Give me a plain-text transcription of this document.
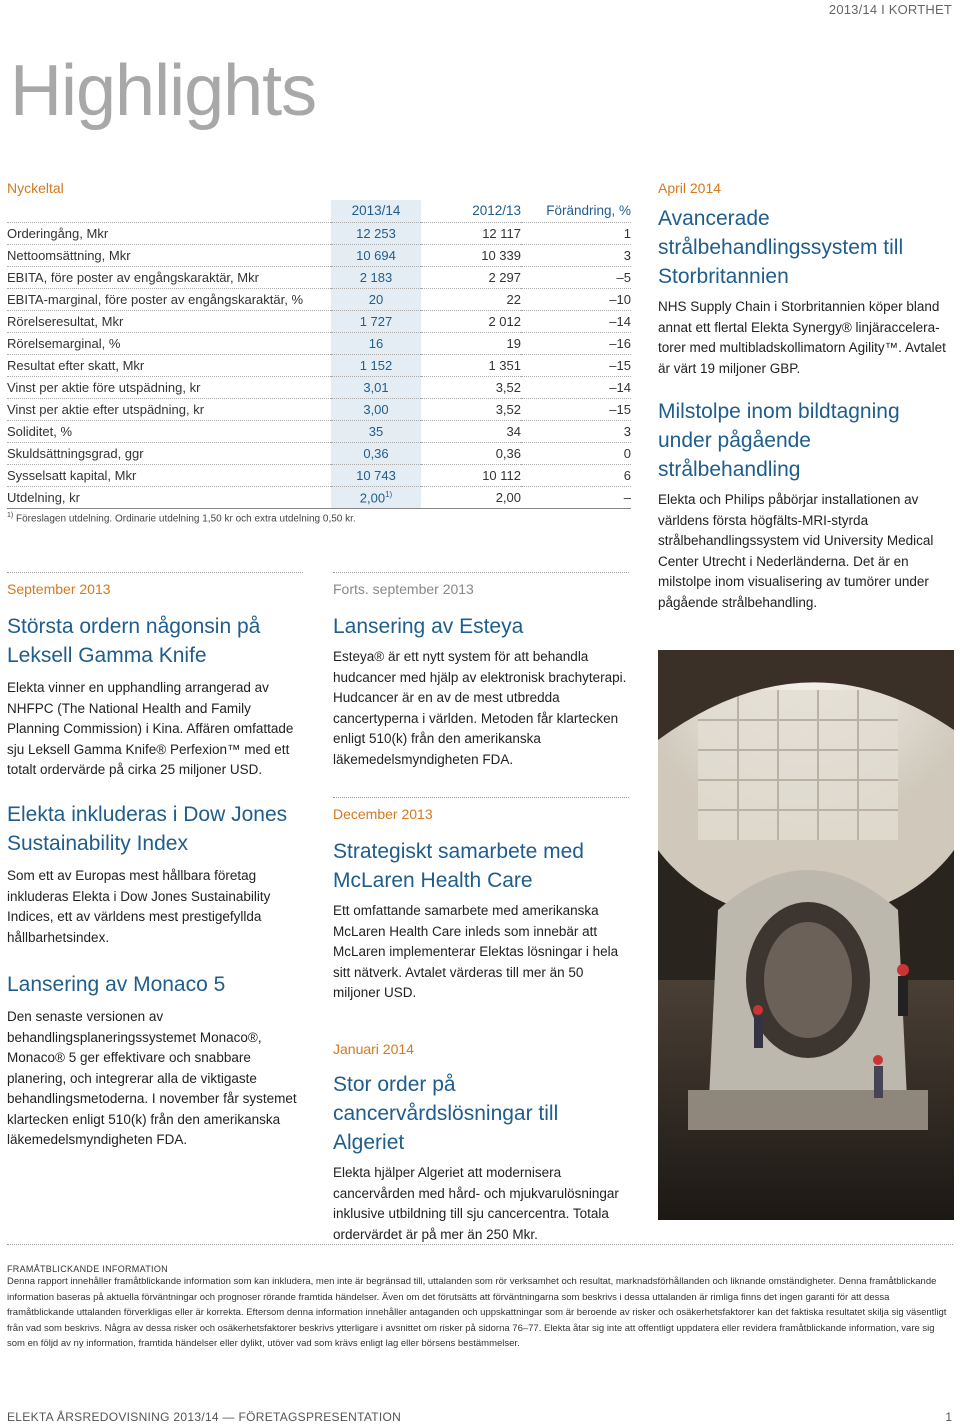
2013/14 I KORTHET
Highlights
Nyckeltal
	2013/14	2012/13	Förändring, %
Orderingång, Mkr	12 253	12 117	1
Nettoomsättning, Mkr	10 694	10 339	3
EBITA, före poster av engångskaraktär, Mkr	2 183	2 297	–5
EBITA-marginal, före poster av engångskaraktär, %	20	22	–10
Rörelseresultat, Mkr	1 727	2 012	–14
Rörelsemarginal, %	16	19	–16
Resultat efter skatt, Mkr	1 152	1 351	–15
Vinst per aktie före utspädning, kr	3,01	3,52	–14
Vinst per aktie efter utspädning, kr	3,00	3,52	–15
Soliditet, %	35	34	3
Skuldsättningsgrad, ggr	0,36	0,36	0
Sysselsatt kapital, Mkr	10 743	10 112	6
Utdelning, kr	2,00$^{1)}$	2,00	–
$^{1)}$ Föreslagen utdelning. Ordinarie utdelning 1,50 kr och extra utdelning 0,50 kr.
September 2013
Största ordern någonsin på Leksell Gamma Knife

Elekta vinner en upphandling arrangerad av NHFPC (The National Health and Family Planning Commission) i Kina. Affären omfattade sju Leksell Gamma Knife® Perfexion™ med ett totalt ordervärde på cirka 25 miljoner USD.

Elekta inkluderas i Dow Jones Sustainability Index

Som ett av Europas mest hållbara företag inkluderas Elekta i Dow Jones Sustainability Indices, ett av världens mest prestigefyllda hållbarhetsindex.

Lansering av Monaco 5

Den senaste versionen av behandlingsplaneringssystemet Monaco®, Monaco® 5 ger effektivare och snabbare planering, och integrerar alla de viktigaste behandlingsmetoderna. I november får systemet klartecken enligt 510(k) från den amerikanska läkemedelsmyndigheten FDA.

Forts. september 2013
Lansering av Esteya

Esteya® är ett nytt system för att behandla hudcancer med hjälp av elektronisk brachyterapi. Hudcancer är en av de mest utbredda cancertyperna i världen. Metoden får klartecken enligt 510(k) från den amerikanska läkemedelsmyndigheten FDA.

December 2013
Strategiskt samarbete med McLaren Health Care

Ett omfattande samarbete med amerikanska McLaren Health Care inleds som innebär att McLaren implementerar Elektas lösningar i hela sitt nätverk. Avtalet värderas till mer än 50 miljoner USD.

Januari 2014
Stor order på cancervårdslösningar till Algeriet

Elekta hjälper Algeriet att modernisera cancervården med hård- och mjukvarulösningar inklusive utbildning till sju cancercentra. Totala ordervärdet är på mer än 250 Mkr.

April 2014
Avancerade strålbehandlingssystem till Storbritannien

NHS Supply Chain i Storbritannien köper bland annat ett flertal Elekta Synergy® linjäracceleratorer med multibladskollimatorn Agility™. Avtalet är värt 19 miljoner GBP.

Milstolpe inom bildtagning under pågående strålbehandling

Elekta och Philips påbörjar installationen av världens första högfälts-MRI-styrda strålbehandlingssystem vid University Medical Center Utrecht i Nederländerna. Det är en milstolpe inom visualisering av tumörer under pågående strålbehandling.

FRAMÅTBLICKANDE INFORMATION
Denna rapport innehåller framåtblickande information som kan inkludera, men inte är begränsad till, uttalanden som rör verksamhet och resultat, marknadsförhållanden och liknande omständigheter. Denna framåtblickande information baseras på aktuella förväntningar och prognoser rörande framtida händelser. Även om det förutsätts att förväntningarna som beskrivs i dessa uttalanden är rimliga finns det ingen garanti för att dessa framåtblickande uttalanden förverkligas eller är korrekta. Eftersom denna information innehåller antaganden och uppskattningar som är beroende av risker och osäkerhetsfaktorer kan det faktiska resultatet skilja sig väsentligt från vad som beskrivs. Några av dessa risker och osäkerhetsfaktorer beskrivs ytterligare i avsnittet om risker på sidorna 76–77. Elekta åtar sig inte att offentligt uppdatera eller revidera framåtblickande information, vare sig som en följd av ny information, framtida händelser eller dylikt, utöver vad som krävs enligt lag eller börsens bestämmelser.
ELEKTA ÅRSREDOVISNING 2013/14 — FÖRETAGSPRESENTATION	1
